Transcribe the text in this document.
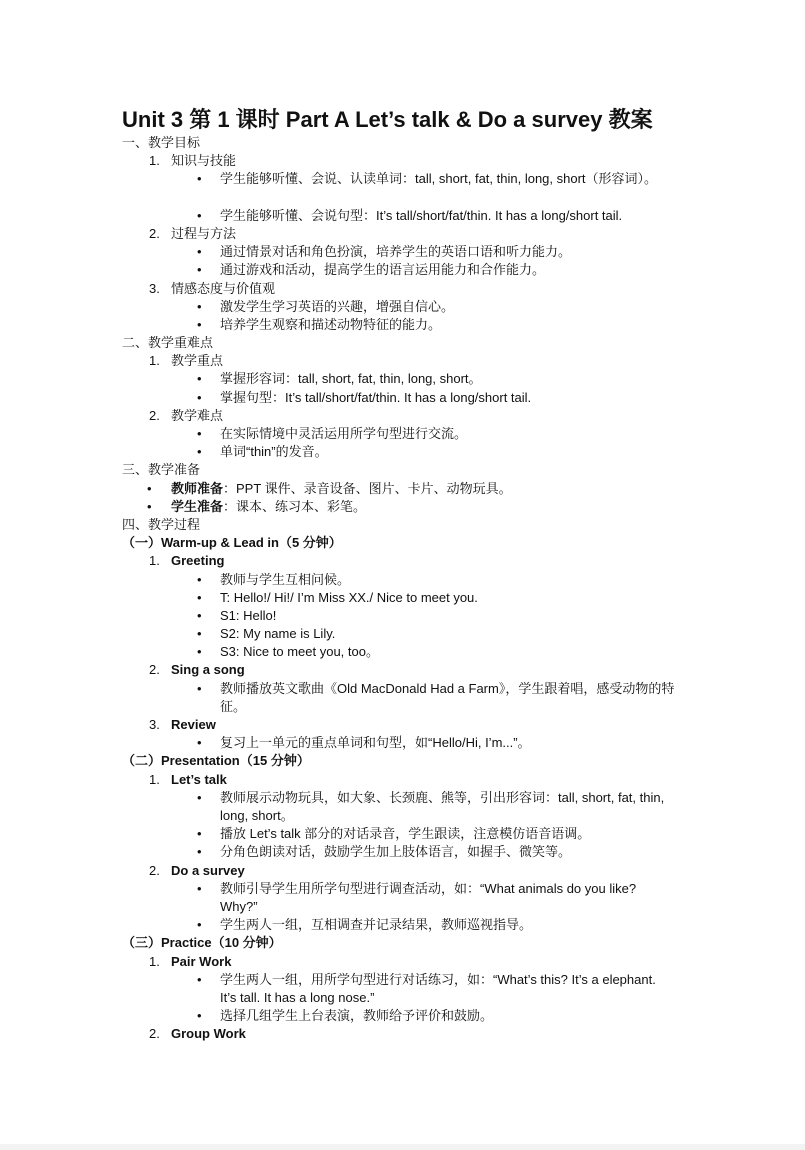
Unit 3 第 1 课时 Part A Let’s talk & Do a survey 教案
一、教学目标
1. 知识与技能
• 学生能够听懂、会说、认读单词：tall, short, fat, thin, long, short（形容词）。
• 学生能够听懂、会说句型：It’s tall/short/fat/thin. It has a long/short tail.
2. 过程与方法
• 通过情景对话和角色扮演，培养学生的英语口语和听力能力。
• 通过游戏和活动，提高学生的语言运用能力和合作能力。
3. 情感态度与价值观
• 激发学生学习英语的兴趣，增强自信心。
• 培养学生观察和描述动物特征的能力。
二、教学重难点
1. 教学重点
• 掌握形容词：tall, short, fat, thin, long, short。
• 掌握句型：It’s tall/short/fat/thin. It has a long/short tail.
2. 教学难点
• 在实际情境中灵活运用所学句型进行交流。
• 单词“thin”的发音。
三、教学准备
• 教师准备：PPT 课件、录音设备、图片、卡片、动物玩具。
• 学生准备：课本、练习本、彩笔。
四、教学过程
（一）Warm-up & Lead in（5 分钟）
1. Greeting
• 教师与学生互相问候。
• T: Hello!/ Hi!/ I’m Miss XX./ Nice to meet you.
• S1: Hello!
• S2: My name is Lily.
• S3: Nice to meet you, too。
2. Sing a song
• 教师播放英文歌曲《Old MacDonald Had a Farm》，学生跟着唱，感受动物的特征。
3. Review
• 复习上一单元的重点单词和句型，如“Hello/Hi, I’m...”。
（二）Presentation（15 分钟）
1. Let’s talk
• 教师展示动物玩具，如大象、长颈鹿、熊等，引出形容词：tall, short, fat, thin, long, short。
• 播放 Let’s talk 部分的对话录音，学生跟读，注意模仿语音语调。
• 分角色朗读对话，鼓励学生加上肢体语言，如握手、微笑等。
2. Do a survey
• 教师引导学生用所学句型进行调查活动，如：“What animals do you like? Why?”
• 学生两人一组，互相调查并记录结果，教师巡视指导。
（三）Practice（10 分钟）
1. Pair Work
• 学生两人一组，用所学句型进行对话练习，如：“What’s this? It’s a elephant. It’s tall. It has a long nose.”
• 选择几组学生上台表演，教师给予评价和鼓励。
2. Group Work
